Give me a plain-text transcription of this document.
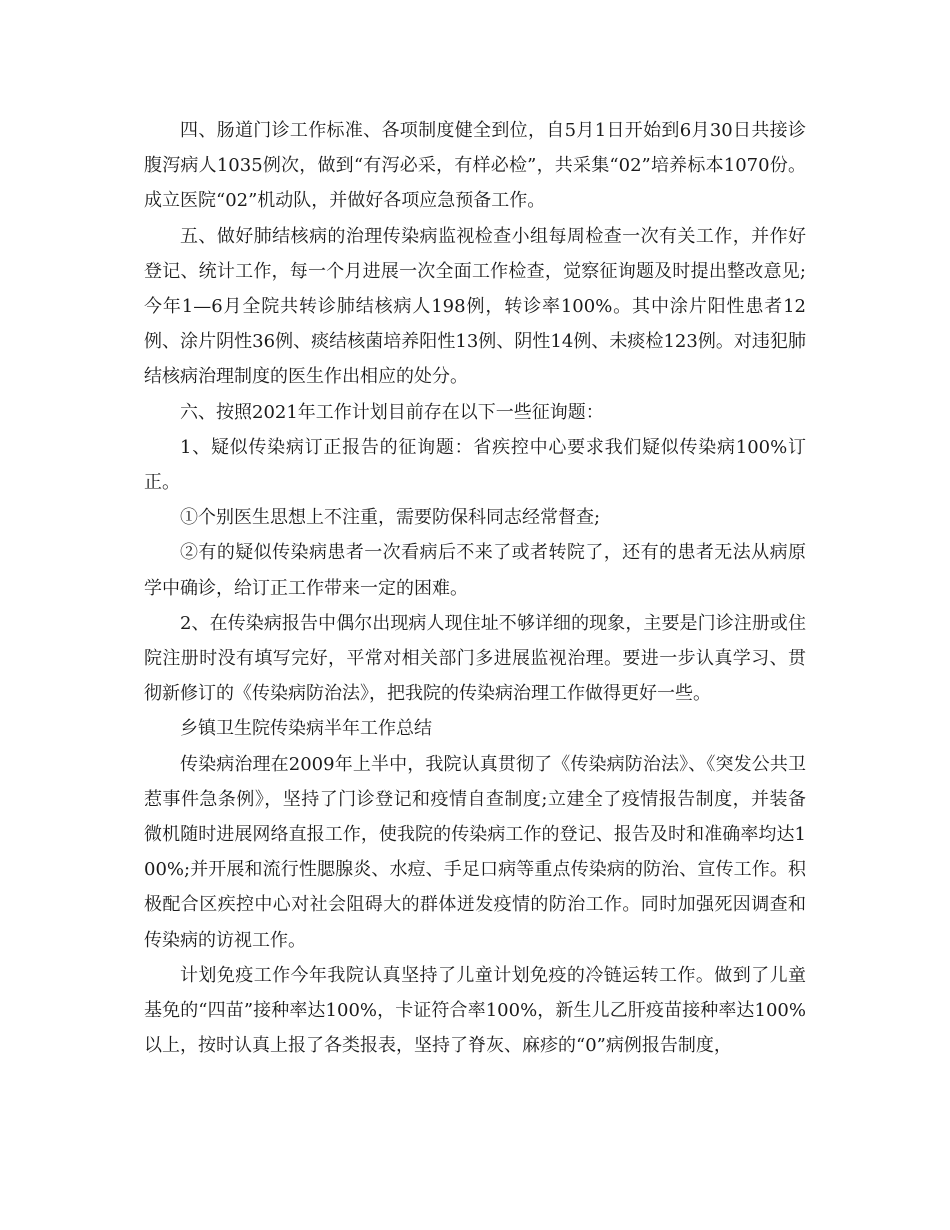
四、肠道门诊工作标准、各项制度健全到位，自5月1日开始到6月30日共接诊腹泻病人1035例次，做到“有泻必采，有样必检”，共采集“02”培养标本1070份。成立医院“02”机动队，并做好各项应急预备工作。

五、做好肺结核病的治理传染病监视检查小组每周检查一次有关工作，并作好登记、统计工作，每一个月进展一次全面工作检查，觉察征询题及时提出整改意见;今年1—6月全院共转诊肺结核病人198例，转诊率100%。其中涂片阳性患者12例、涂片阴性36例、痰结核菌培养阳性13例、阴性14例、未痰检123例。对违犯肺结核病治理制度的医生作出相应的处分。

六、按照2021年工作计划目前存在以下一些征询题：

1、疑似传染病订正报告的征询题：省疾控中心要求我们疑似传染病100%订正。

①个别医生思想上不注重，需要防保科同志经常督查;

②有的疑似传染病患者一次看病后不来了或者转院了，还有的患者无法从病原学中确诊，给订正工作带来一定的困难。

2、在传染病报告中偶尔出现病人现住址不够详细的现象，主要是门诊注册或住院注册时没有填写完好，平常对相关部门多进展监视治理。要进一步认真学习、贯彻新修订的《传染病防治法》，把我院的传染病治理工作做得更好一些。

乡镇卫生院传染病半年工作总结

传染病治理在2009年上半中，我院认真贯彻了《传染病防治法》、《突发公共卫惹事件急条例》，坚持了门诊登记和疫情自查制度;立建全了疫情报告制度，并装备微机随时进展网络直报工作，使我院的传染病工作的登记、报告及时和准确率均达100%;并开展和流行性腮腺炎、水痘、手足口病等重点传染病的防治、宣传工作。积极配合区疾控中心对社会阻碍大的群体迸发疫情的防治工作。同时加强死因调查和传染病的访视工作。

计划免疫工作今年我院认真坚持了儿童计划免疫的冷链运转工作。做到了儿童基免的“四苗”接种率达100%，卡证符合率100%，新生儿乙肝疫苗接种率达100%以上，按时认真上报了各类报表，坚持了脊灰、麻疹的“0”病例报告制度，
